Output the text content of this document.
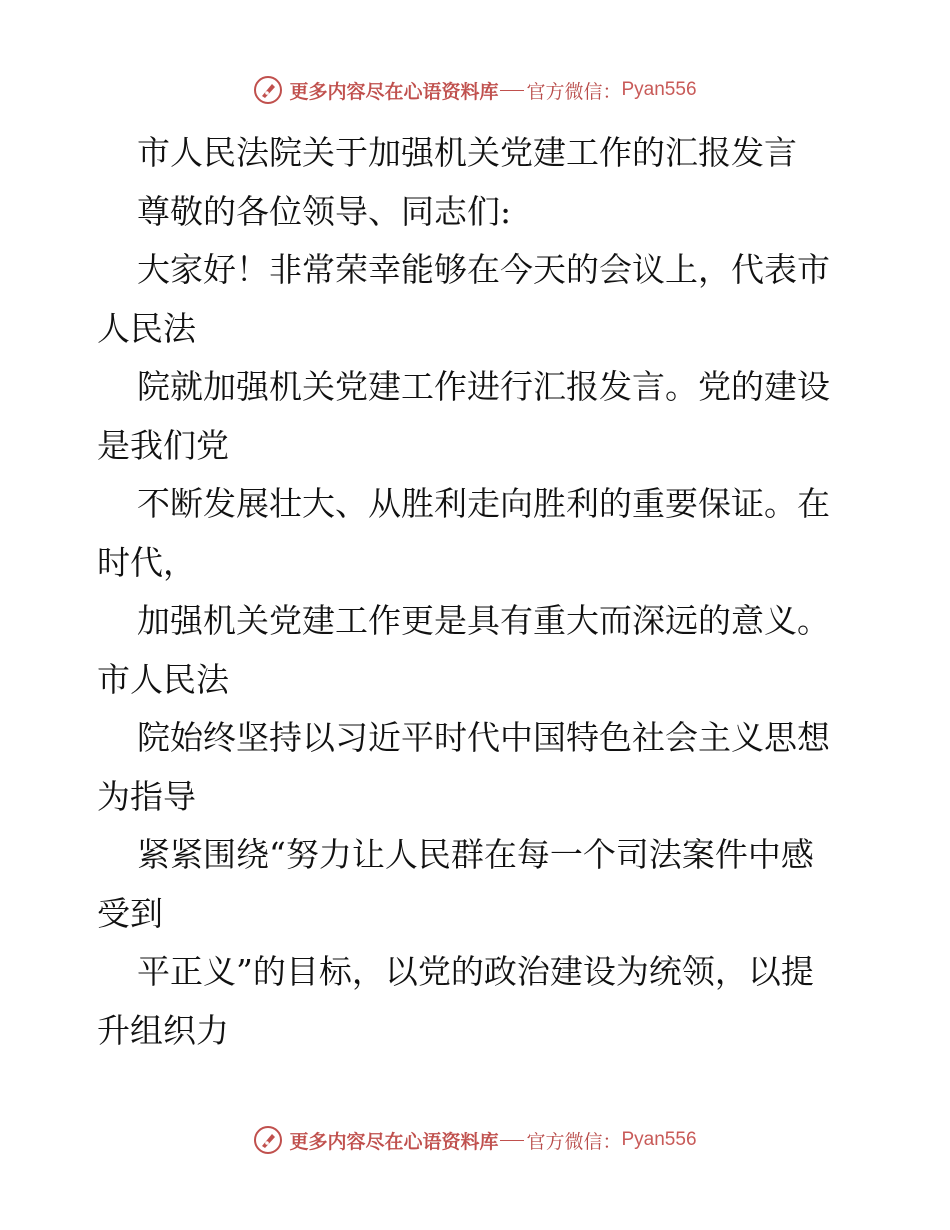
更多内容尽在心语资料库 官方微信： Pyan556
市人民法院关于加强机关党建工作的汇报发言
尊敬的各位领导、同志们:
大家好！非常荣幸能够在今天的会议上，代表市
人民法
院就加强机关党建工作进行汇报发言。党的建设
是我们党
不断发展壮大、从胜利走向胜利的重要保证。在
时代，
加强机关党建工作更是具有重大而深远的意义。
市人民法
院始终坚持以习近平时代中国特色社会主义思想
为指导
紧紧围绕“努力让人民群在每一个司法案件中感
受到
平正义”的目标，以党的政治建设为统领，以提
升组织力
更多内容尽在心语资料库 官方微信： Pyan556
